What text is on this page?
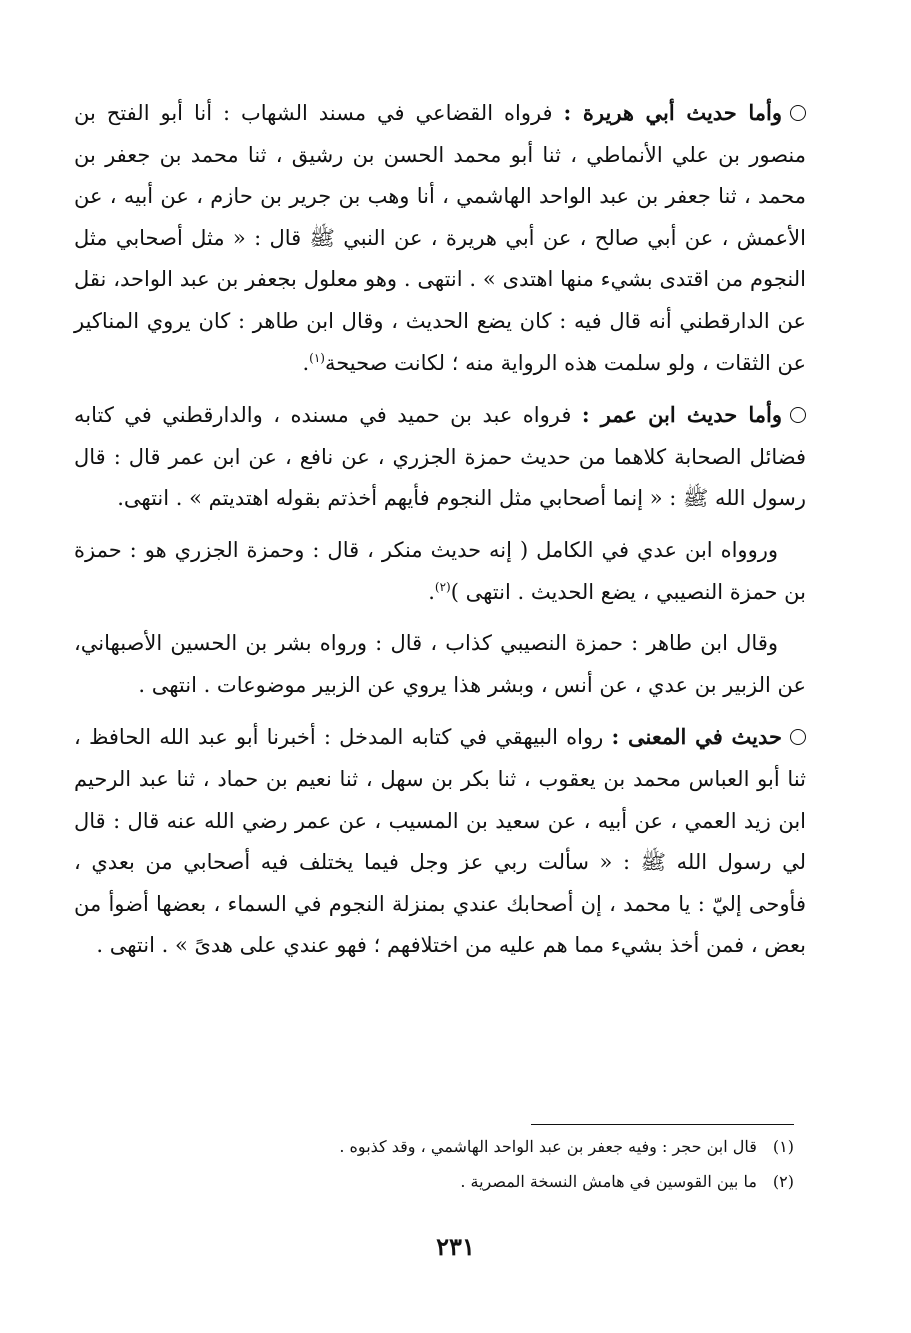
وأما حديث أبي هريرة : فرواه القضاعي في مسند الشهاب : أنا أبو الفتح بن منصور بن علي الأنماطي ، ثنا أبو محمد الحسن بن رشيق ، ثنا محمد بن جعفر بن محمد ، ثنا جعفر بن عبد الواحد الهاشمي ، أنا وهب بن جرير بن حازم ، عن أبيه ، عن الأعمش ، عن أبي صالح ، عن أبي هريرة ، عن النبي ﷺ قال : « مثل أصحابي مثل النجوم من اقتدى بشيء منها اهتدى » . انتهى . وهو معلول بجعفر بن عبد الواحد، نقل عن الدارقطني أنه قال فيه : كان يضع الحديث ، وقال ابن طاهر : كان يروي المناكير عن الثقات ، ولو سلمت هذه الرواية منه ؛ لكانت صحيحة$^{(١)}$.

وأما حديث ابن عمر : فرواه عبد بن حميد في مسنده ، والدارقطني في كتابه فضائل الصحابة كلاهما من حديث حمزة الجزري ، عن نافع ، عن ابن عمر قال : قال رسول الله ﷺ : « إنما أصحابي مثل النجوم فأيهم أخذتم بقوله اهتديتم » . انتهى.

وروواه ابن عدي في الكامل ( إنه حديث منكر ، قال : وحمزة الجزري هو : حمزة بن حمزة النصيبي ، يضع الحديث . انتهى )$^{(٢)}$.

وقال ابن طاهر : حمزة النصيبي كذاب ، قال : ورواه بشر بن الحسين الأصبهاني، عن الزبير بن عدي ، عن أنس ، وبشر هذا يروي عن الزبير موضوعات . انتهى .

حديث في المعنى : رواه البيهقي في كتابه المدخل : أخبرنا أبو عبد الله الحافظ ، ثنا أبو العباس محمد بن يعقوب ، ثنا بكر بن سهل ، ثنا نعيم بن حماد ، ثنا عبد الرحيم ابن زيد العمي ، عن أبيه ، عن سعيد بن المسيب ، عن عمر رضي الله عنه قال : قال لي رسول الله ﷺ : « سألت ربي عز وجل فيما يختلف فيه أصحابي من بعدي ، فأوحى إليّ : يا محمد ، إن أصحابك عندي بمنزلة النجوم في السماء ، بعضها أضوأ من بعض ، فمن أخذ بشيء مما هم عليه من اختلافهم ؛ فهو عندي على هدىً » . انتهى .

(١)قال ابن حجر : وفيه جعفر بن عبد الواحد الهاشمي ، وقد كذبوه .
(٢)ما بين القوسين في هامش النسخة المصرية .
٢٣١
